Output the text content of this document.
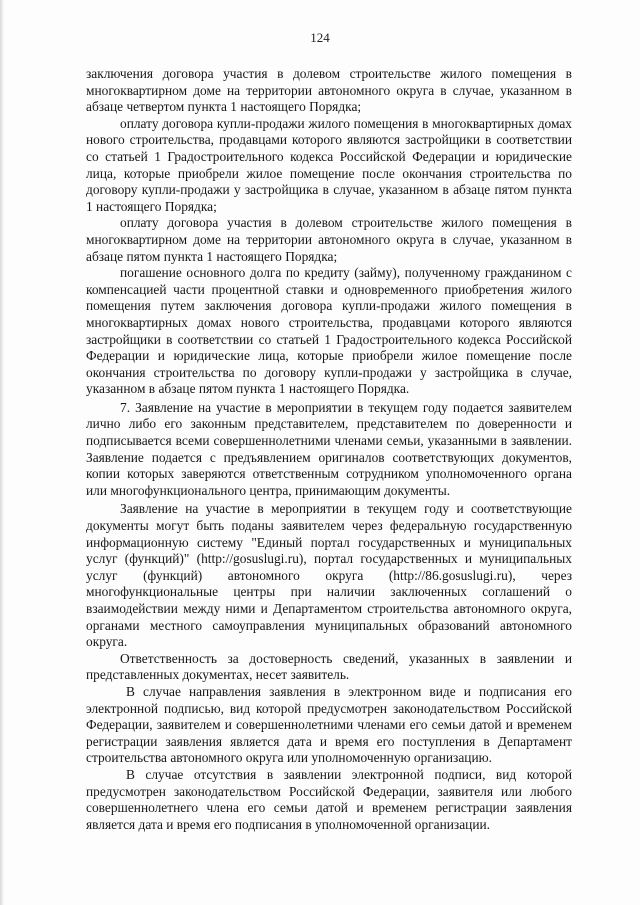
124

заключения договора участия в долевом строительстве жилого помещения в многоквартирном доме на территории автономного округа в случае, указанном в абзаце четвертом пункта 1 настоящего Порядка;

оплату договора купли-продажи жилого помещения в многоквартирных домах нового строительства, продавцами которого являются застройщики в соответствии со статьей 1 Градостроительного кодекса Российской Федерации и юридические лица, которые приобрели жилое помещение после окончания строительства по договору купли-продажи у застройщика в случае, указанном в абзаце пятом пункта 1 настоящего Порядка;

оплату договора участия в долевом строительстве жилого помещения в многоквартирном доме на территории автономного округа в случае, указанном в абзаце пятом пункта 1 настоящего Порядка;

погашение основного долга по кредиту (займу), полученному гражданином с компенсацией части процентной ставки и одновременного приобретения жилого помещения путем заключения договора купли-продажи жилого помещения в многоквартирных домах нового строительства, продавцами которого являются застройщики в соответствии со статьей 1 Градостроительного кодекса Российской Федерации и юридические лица, которые приобрели жилое помещение после окончания строительства по договору купли-продажи у застройщика в случае, указанном в абзаце пятом пункта 1 настоящего Порядка.

7. Заявление на участие в мероприятии в текущем году подается заявителем лично либо его законным представителем, представителем по доверенности и подписывается всеми совершеннолетними членами семьи, указанными в заявлении. Заявление подается с предъявлением оригиналов соответствующих документов, копии которых заверяются ответственным сотрудником уполномоченного органа или многофункционального центра, принимающим документы.

Заявление на участие в мероприятии в текущем году и соответствующие документы могут быть поданы заявителем через федеральную государственную информационную систему "Единый портал государственных и муниципальных услуг (функций)" (http://gosuslugi.ru), портал государственных и муниципальных услуг (функций) автономного округа (http://86.gosuslugi.ru), через многофункциональные центры при наличии заключенных соглашений о взаимодействии между ними и Департаментом строительства автономного округа, органами местного самоуправления муниципальных образований автономного округа.

Ответственность за достоверность сведений, указанных в заявлении и представленных документах, несет заявитель.

В случае направления заявления в электронном виде и подписания его электронной подписью, вид которой предусмотрен законодательством Российской Федерации, заявителем и совершеннолетними членами его семьи датой и временем регистрации заявления является дата и время его поступления в Департамент строительства автономного округа или уполномоченную организацию.

В случае отсутствия в заявлении электронной подписи, вид которой предусмотрен законодательством Российской Федерации, заявителя или любого совершеннолетнего члена его семьи датой и временем регистрации заявления является дата и время его подписания в уполномоченной организации.
